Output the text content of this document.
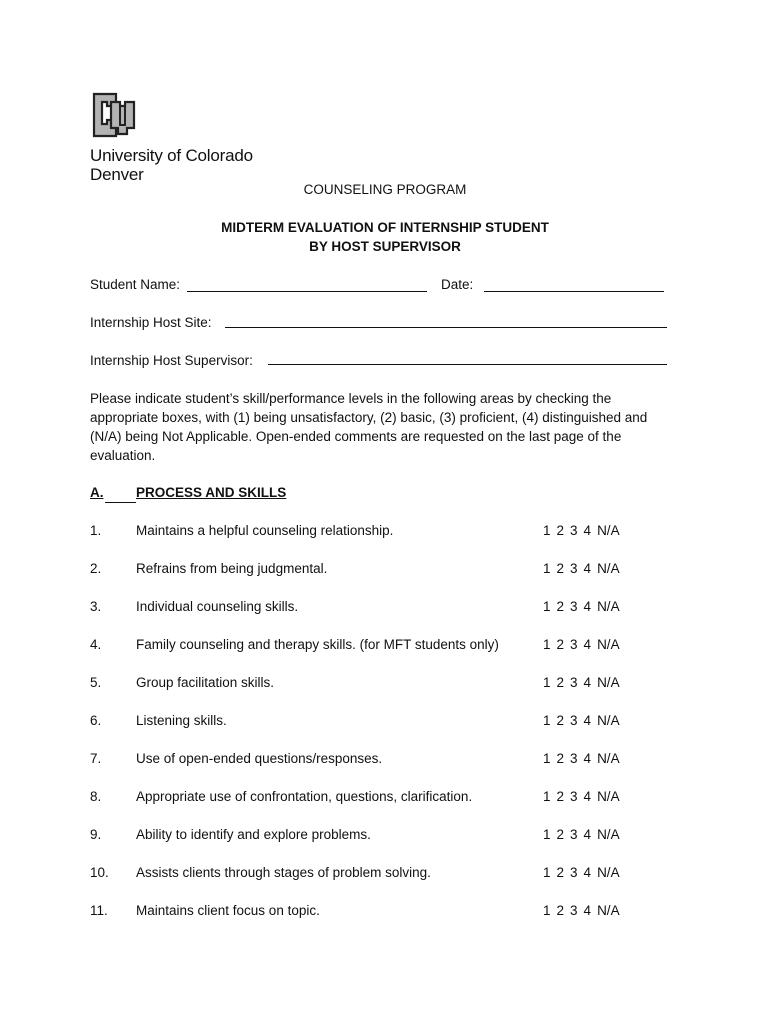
University of Colorado
Denver
COUNSELING PROGRAM
MIDTERM EVALUATION OF INTERNSHIP STUDENT
BY HOST SUPERVISOR
Student Name:	Date:
Internship Host Site:
Internship Host Supervisor:
Please indicate student’s skill/performance levels in the following areas by checking the appropriate boxes, with (1) being unsatisfactory, (2) basic, (3) proficient, (4) distinguished and (N/A) being Not Applicable. Open-ended comments are requested on the last page of the evaluation.
A. PROCESS AND SKILLS
1.	Maintains a helpful counseling relationship.	1 2 3 4 N/A
2.	Refrains from being judgmental.	1 2 3 4 N/A
3.	Individual counseling skills.	1 2 3 4 N/A
4.	Family counseling and therapy skills. (for MFT students only)	1 2 3 4 N/A
5.	Group facilitation skills.	1 2 3 4 N/A
6.	Listening skills.	1 2 3 4 N/A
7.	Use of open-ended questions/responses.	1 2 3 4 N/A
8.	Appropriate use of confrontation, questions, clarification.	1 2 3 4 N/A
9.	Ability to identify and explore problems.	1 2 3 4 N/A
10. Assists clients through stages of problem solving.	1 2 3 4 N/A
11. Maintains client focus on topic.	1 2 3 4 N/A
